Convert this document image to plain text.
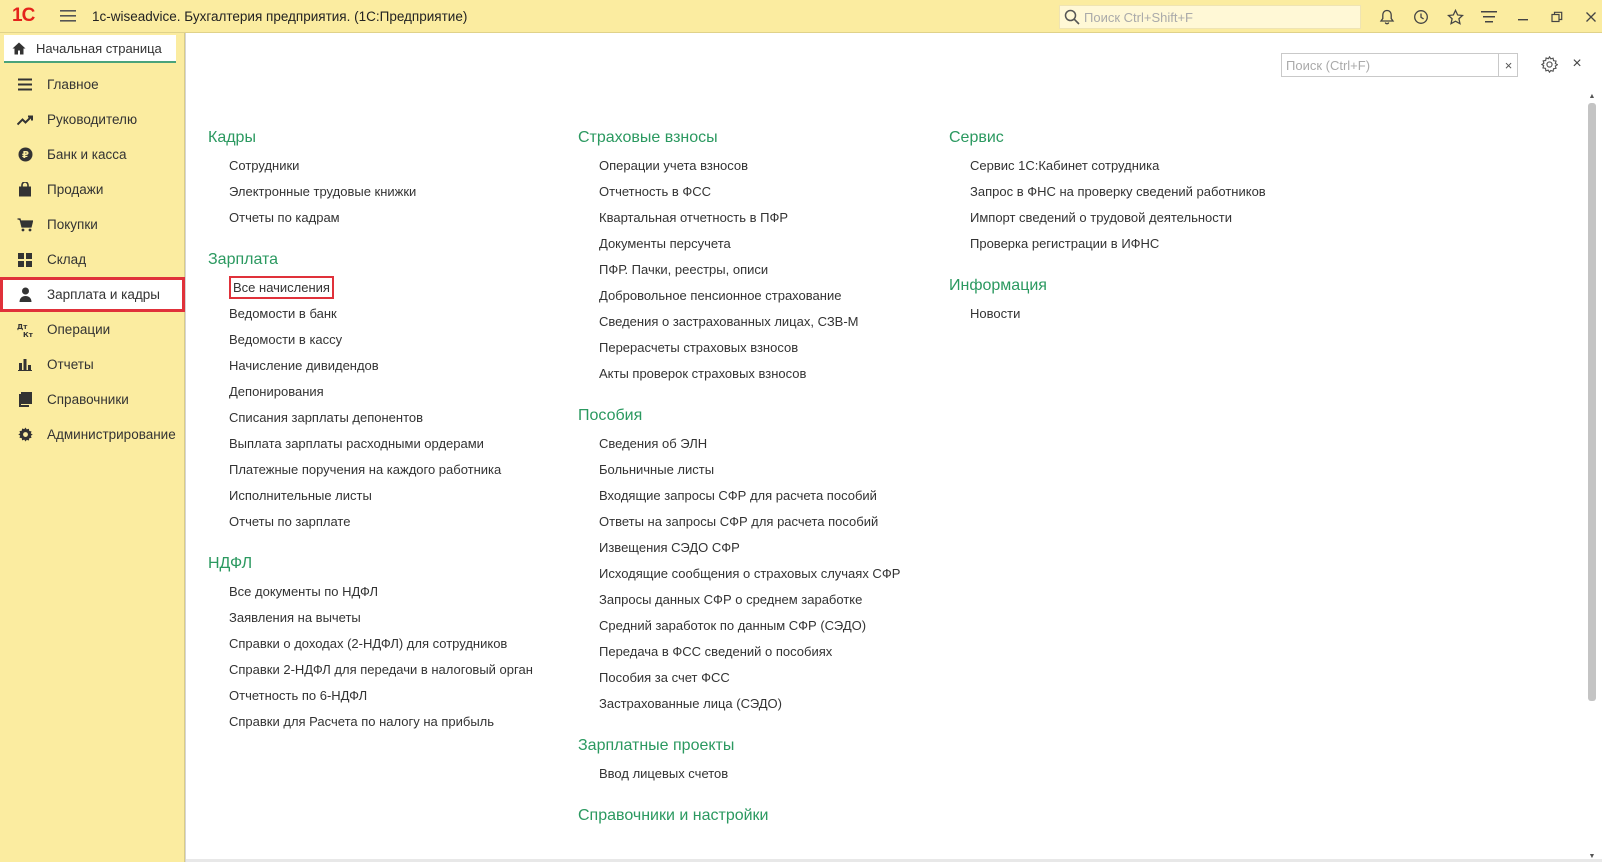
1С	1c-wiseadvice. Бухгалтерия предприятия. (1С:Предприятие)	Поиск Ctrl+Shift+F
Начальная страница
Главное
Руководителю
₽ Банк и касса
Продажи
Покупки
Склад
Зарплата и кадры
Дт
Кт Операции
Отчеты
Справочники
Администрирование
Поиск (Ctrl+F)	×	×
Кадры
Сотрудники
Электронные трудовые книжки
Отчеты по кадрам
Зарплата
Все начисления
Ведомости в банк
Ведомости в кассу
Начисление дивидендов
Депонирования
Списания зарплаты депонентов
Выплата зарплаты расходными ордерами
Платежные поручения на каждого работника
Исполнительные листы
Отчеты по зарплате
НДФЛ
Все документы по НДФЛ
Заявления на вычеты
Справки о доходах (2-НДФЛ) для сотрудников
Справки 2-НДФЛ для передачи в налоговый орган
Отчетность по 6-НДФЛ
Справки для Расчета по налогу на прибыль
Страховые взносы
Операции учета взносов
Отчетность в ФСС
Квартальная отчетность в ПФР
Документы персучета
ПФР. Пачки, реестры, описи
Добровольное пенсионное страхование
Сведения о застрахованных лицах, СЗВ-М
Перерасчеты страховых взносов
Акты проверок страховых взносов
Пособия
Сведения об ЭЛН
Больничные листы
Входящие запросы СФР для расчета пособий
Ответы на запросы СФР для расчета пособий
Извещения СЭДО СФР
Исходящие сообщения о страховых случаях СФР
Запросы данных СФР о среднем заработке
Средний заработок по данным СФР (СЭДО)
Передача в ФСС сведений о пособиях
Пособия за счет ФСС
Застрахованные лица (СЭДО)
Зарплатные проекты
Ввод лицевых счетов
Справочники и настройки
Сервис
Сервис 1С:Кабинет сотрудника
Запрос в ФНС на проверку сведений работников
Импорт сведений о трудовой деятельности
Проверка регистрации в ИФНС
Информация
Новости
▲
▼
